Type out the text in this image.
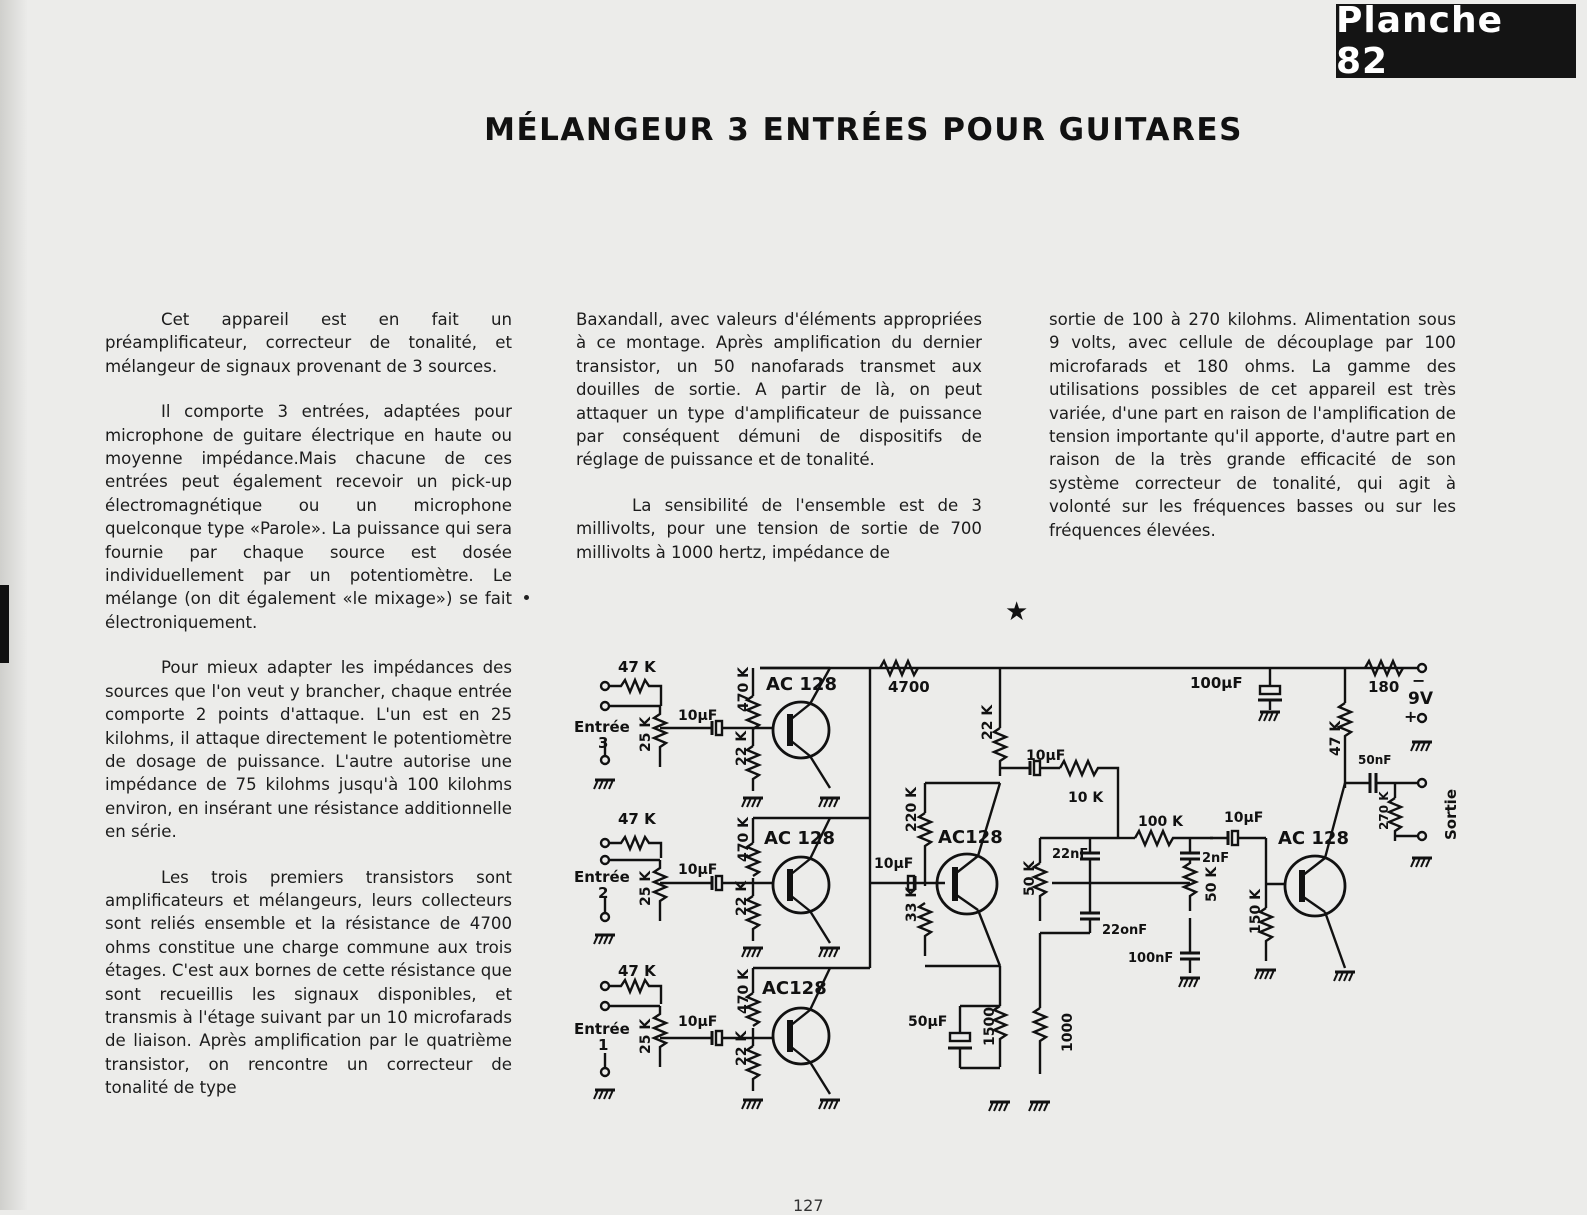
Planche 82
MÉLANGEUR 3 ENTRÉES POUR GUITARES

Cet appareil est en fait un préamplificateur, correcteur de tonalité, et mélangeur de signaux provenant de 3 sources.

Il comporte 3 entrées, adaptées pour microphone de guitare électrique en haute ou moyenne impédance.Mais chacune de ces entrées peut également recevoir un pick-up électromagnétique ou un microphone quelconque type «Parole». La puissance qui sera fournie par chaque source est dosée individuellement par un potentiomètre. Le mélange (on dit également «le mixage») se fait électroniquement.

Pour mieux adapter les impédances des sources que l'on veut y brancher, chaque entrée comporte 2 points d'attaque. L'un est en 25 kilohms, il attaque directement le potentiomètre de dosage de puissance. L'autre autorise une impédance de 75 kilohms jusqu'à 100 kilohms environ, en insérant une résistance additionnelle en série.

Les trois premiers transistors sont amplificateurs et mélangeurs, leurs collecteurs sont reliés ensemble et la résistance de 4700 ohms constitue une charge commune aux trois étages. C'est aux bornes de cette résistance que sont recueillis les signaux disponibles, et transmis à l'étage suivant par un 10 microfarads de liaison. Après amplification par le quatrième transistor, on rencontre un correcteur de tonalité de type

Baxandall, avec valeurs d'éléments appropriées à ce montage. Après amplification du dernier transistor, un 50 nanofarads transmet aux douilles de sortie. A partir de là, on peut attaquer un type d'amplificateur de puissance par conséquent démuni de dispositifs de réglage de puissance et de tonalité.

La sensibilité de l'ensemble est de 3 millivolts, pour une tension de sortie de 700 millivolts à 1000 hertz, impédance de

sortie de 100 à 270 kilohms. Alimentation sous 9 volts, avec cellule de découplage par 100 microfarads et 180 ohms. La gamme des utilisations possibles de cet appareil est très variée, d'une part en raison de l'amplification de tension importante qu'il apporte, d'autre part en raison de la très grande efficacité de son système correcteur de tonalité, qui agit à volonté sur les fréquences basses ou sur les fréquences élevées.

★
47 K
Entrée
3 25 K
10µF
470 K
22 K
AC 128
47 K
Entrée
2 25 K
10µF
470 K
22 K
AC 128
47 K
Entrée
1 25 K 10µF
470 K
22 K
AC128
4700
22 K
220 K
33 K
10µF
AC128
50µF 1500	1000
10µF
10 K
100 K
22nF
22onF
50 K	50 K
2nF
100nF
150 K
10µF
AC 128
100µF	180 −
9V
+
47 K
50nF
270 K	Sortie
127
